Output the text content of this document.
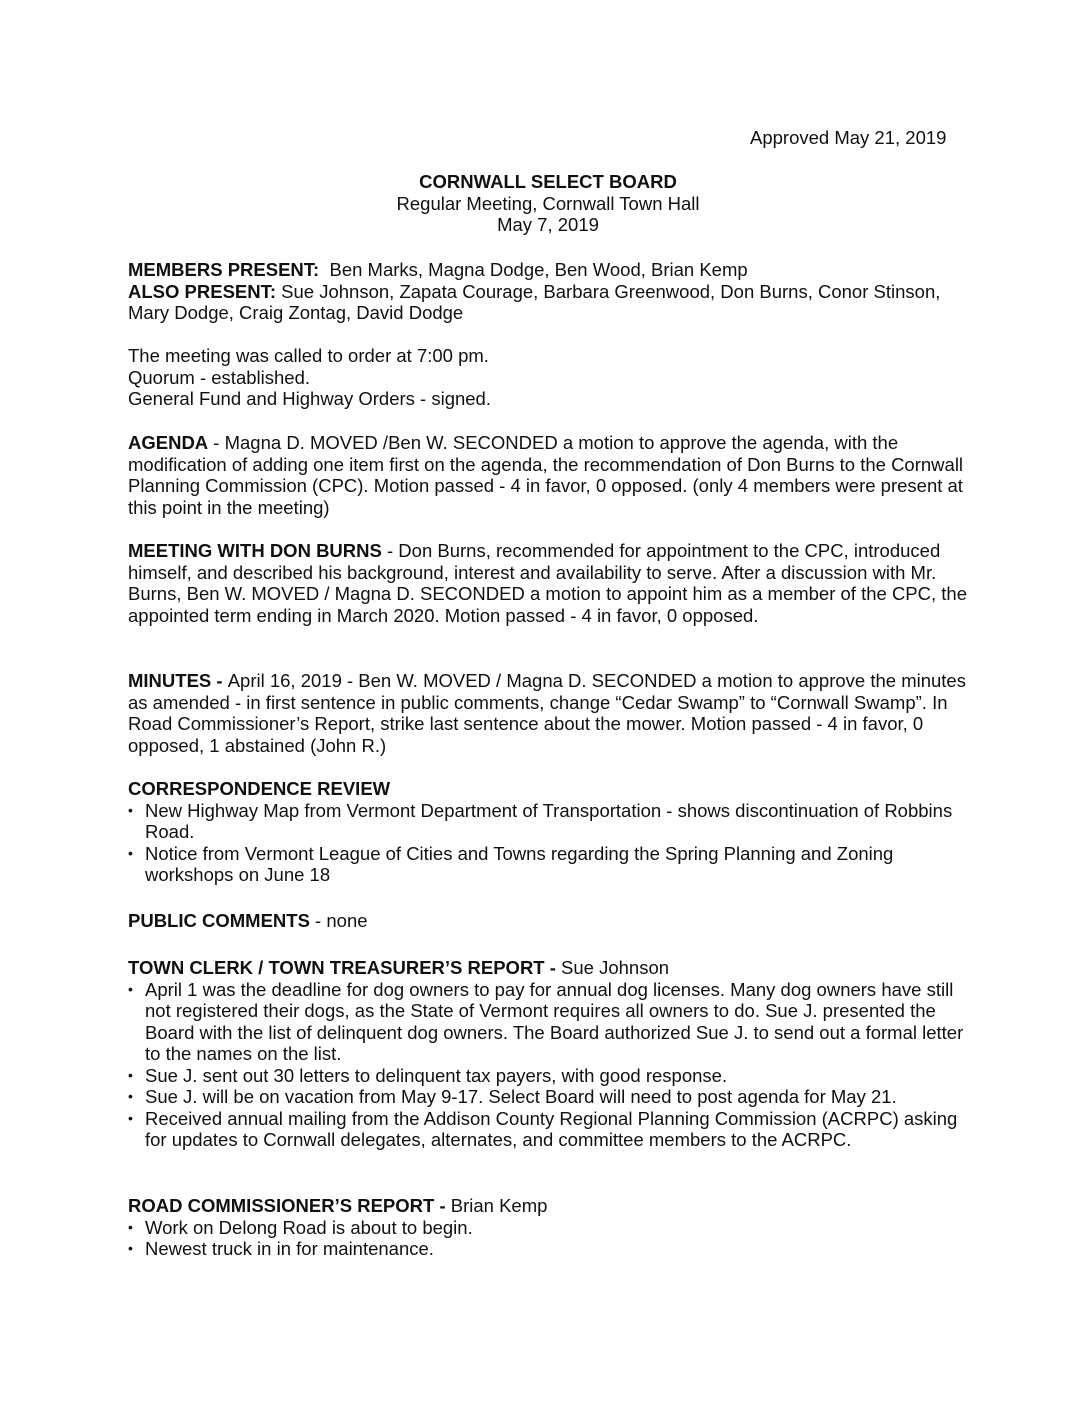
Approved May 21, 2019
CORNWALL SELECT BOARD
Regular Meeting, Cornwall Town Hall
May 7, 2019

MEMBERS PRESENT:  Ben Marks, Magna Dodge, Ben Wood, Brian Kemp

ALSO PRESENT: Sue Johnson, Zapata Courage, Barbara Greenwood, Don Burns, Conor Stinson, Mary Dodge, Craig Zontag, David Dodge

The meeting was called to order at 7:00 pm.

Quorum - established.

General Fund and Highway Orders - signed.

AGENDA - Magna D. MOVED /Ben W. SECONDED a motion to approve the agenda, with the modification of adding one item first on the agenda, the recommendation of Don Burns to the Cornwall Planning Commission (CPC). Motion passed - 4 in favor, 0 opposed. (only 4 members were present at this point in the meeting)

MEETING WITH DON BURNS - Don Burns, recommended for appointment to the CPC, introduced himself, and described his background, interest and availability to serve. After a discussion with Mr. Burns, Ben W. MOVED / Magna D. SECONDED a motion to appoint him as a member of the CPC, the appointed term ending in March 2020. Motion passed - 4 in favor, 0 opposed.

MINUTES - April 16, 2019 - Ben W. MOVED / Magna D. SECONDED a motion to approve the minutes as amended - in first sentence in public comments, change “Cedar Swamp” to “Cornwall Swamp”. In Road Commissioner’s Report, strike last sentence about the mower. Motion passed - 4 in favor, 0 opposed, 1 abstained (John R.)

CORRESPONDENCE REVIEW

• New Highway Map from Vermont Department of Transportation - shows discontinuation of Robbins Road.
• Notice from Vermont League of Cities and Towns regarding the Spring Planning and Zoning workshops on June 18

PUBLIC COMMENTS - none

TOWN CLERK / TOWN TREASURER’S REPORT - Sue Johnson

• April 1 was the deadline for dog owners to pay for annual dog licenses. Many dog owners have still not registered their dogs, as the State of Vermont requires all owners to do. Sue J. presented the Board with the list of delinquent dog owners. The Board authorized Sue J. to send out a formal letter to the names on the list.
• Sue J. sent out 30 letters to delinquent tax payers, with good response.
• Sue J. will be on vacation from May 9-17. Select Board will need to post agenda for May 21.
• Received annual mailing from the Addison County Regional Planning Commission (ACRPC) asking for updates to Cornwall delegates, alternates, and committee members to the ACRPC.

ROAD COMMISSIONER’S REPORT - Brian Kemp

• Work on Delong Road is about to begin.
• Newest truck in in for maintenance.
